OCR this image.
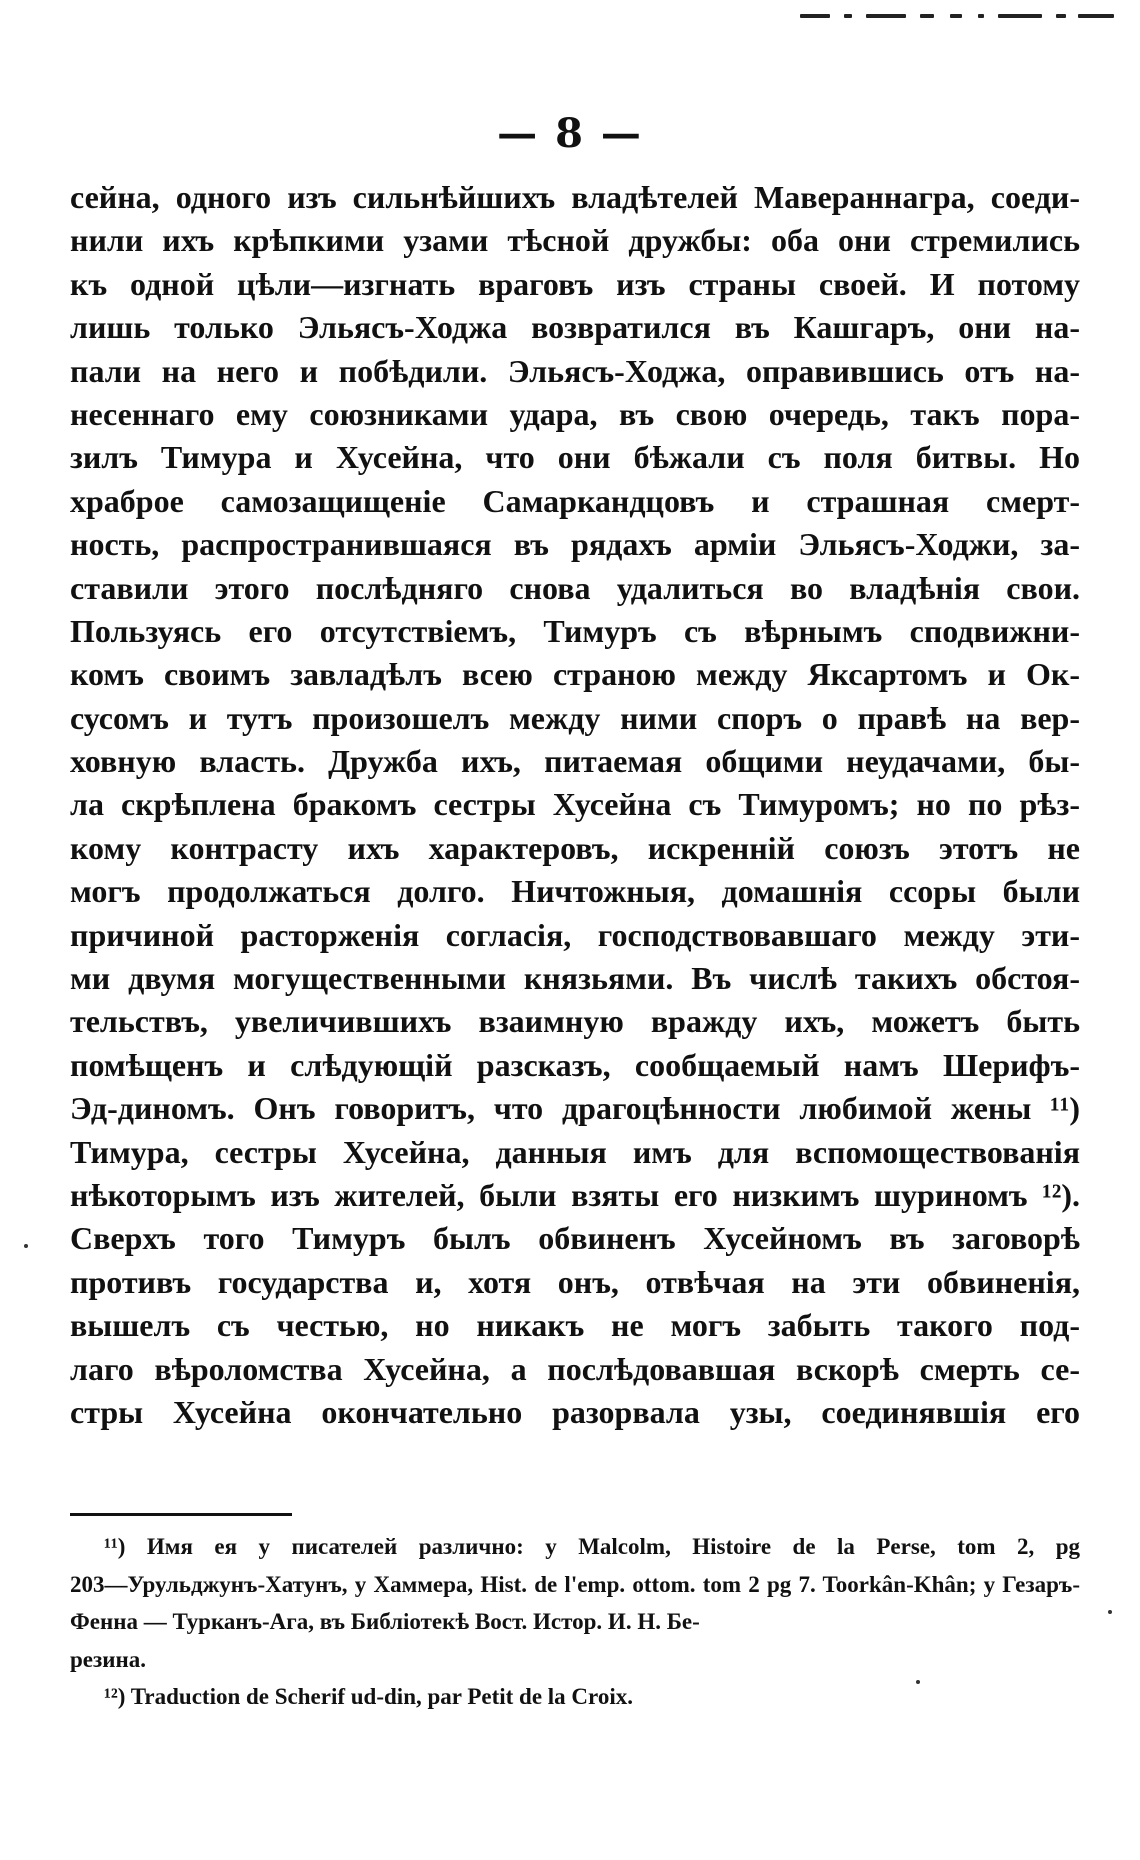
— 8 —
сейна, одного изъ сильнѣйшихъ владѣтелей Мавераннагра, соеди-
нили ихъ крѣпкими узами тѣсной дружбы: оба они стремились
къ одной цѣли—изгнать враговъ изъ страны своей. И потому
лишь только Эльясъ-Ходжа возвратился въ Кашгаръ, они на-
пали на него и побѣдили. Эльясъ-Ходжа, оправившись отъ на-
несеннаго ему союзниками удара, въ свою очередь, такъ пора-
зилъ Тимура и Хусейна, что они бѣжали съ поля битвы. Но
храброе самозащищеніе Самаркандцовъ и страшная смерт-
ность, распространившаяся въ рядахъ арміи Эльясъ-Ходжи, за-
ставили этого послѣдняго снова удалиться во владѣнія свои.
Пользуясь его отсутствіемъ, Тимуръ съ вѣрнымъ сподвижни-
комъ своимъ завладѣлъ всею страною между Яксартомъ и Ок-
сусомъ и тутъ произошелъ между ними споръ о правѣ на вер-
ховную власть. Дружба ихъ, питаемая общими неудачами, бы-
ла скрѣплена бракомъ сестры Хусейна съ Тимуромъ; но по рѣз-
кому контрасту ихъ характеровъ, искренній союзъ этотъ не
могъ продолжаться долго. Ничтожныя, домашнія ссоры были
причиной расторженія согласія, господствовавшаго между эти-
ми двумя могущественными князьями. Въ числѣ такихъ обстоя-
тельствъ, увеличившихъ взаимную вражду ихъ, можетъ быть
помѣщенъ и слѣдующій разсказъ, сообщаемый намъ Шерифъ-
Эд-диномъ. Онъ говоритъ, что драгоцѣнности любимой жены ¹¹)
Тимура, сестры Хусейна, данныя имъ для вспомоществованія
нѣкоторымъ изъ жителей, были взяты его низкимъ шуриномъ ¹²).
Сверхъ того Тимуръ былъ обвиненъ Хусейномъ въ заговорѣ
противъ государства и, хотя онъ, отвѣчая на эти обвиненія,
вышелъ съ честью, но никакъ не могъ забыть такого под-
лаго вѣроломства Хусейна, а послѣдовавшая вскорѣ смерть се-
стры Хусейна окончательно разорвала узы, соединявшія его
¹¹) Имя ея у писателей различно: у Malcolm, Histoire de la Perse, tom 2, pg
203—Урульджунъ-Хатунъ, у Хаммера, Hist. de l'emp. ottom. tom 2 pg 7. Toorkân-Khân; у Гезаръ-Фенна — Турканъ-Ага, въ Библіотекѣ Вост. Истор. И. Н. Бе-
резина.
¹²) Traduction de Scherif ud-din, par Petit de la Croix.
